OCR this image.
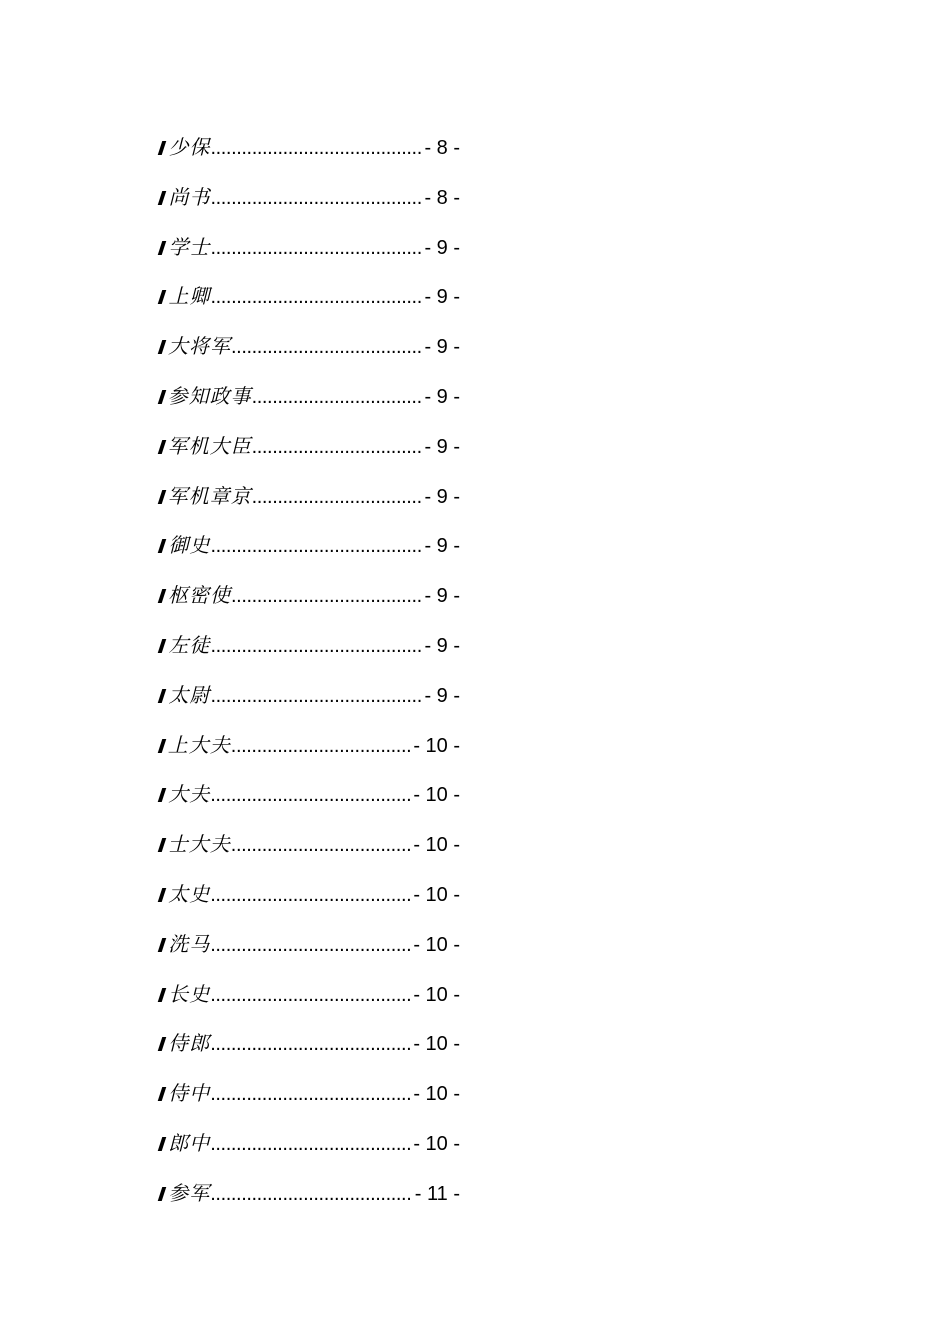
少保 .....	- 8 -
尚书 .....	- 8 -
学士 .....	- 9 -
上卿 .....	- 9 -
大将军 .....	- 9 -
参知政事 .....	- 9 -
军机大臣 .....	- 9 -
军机章京 .....	- 9 -
御史 .....	- 9 -
枢密使 .....	- 9 -
左徒 .....	- 9 -
太尉 .....	- 9 -
上大夫 .....	- 10 -
大夫 .....	- 10 -
士大夫 .....	- 10 -
太史 .....	- 10 -
洗马 .....	- 10 -
长史 .....	- 10 -
侍郎 .....	- 10 -
侍中 .....	- 10 -
郎中 .....	- 10 -
参军 .....	- 11 -
